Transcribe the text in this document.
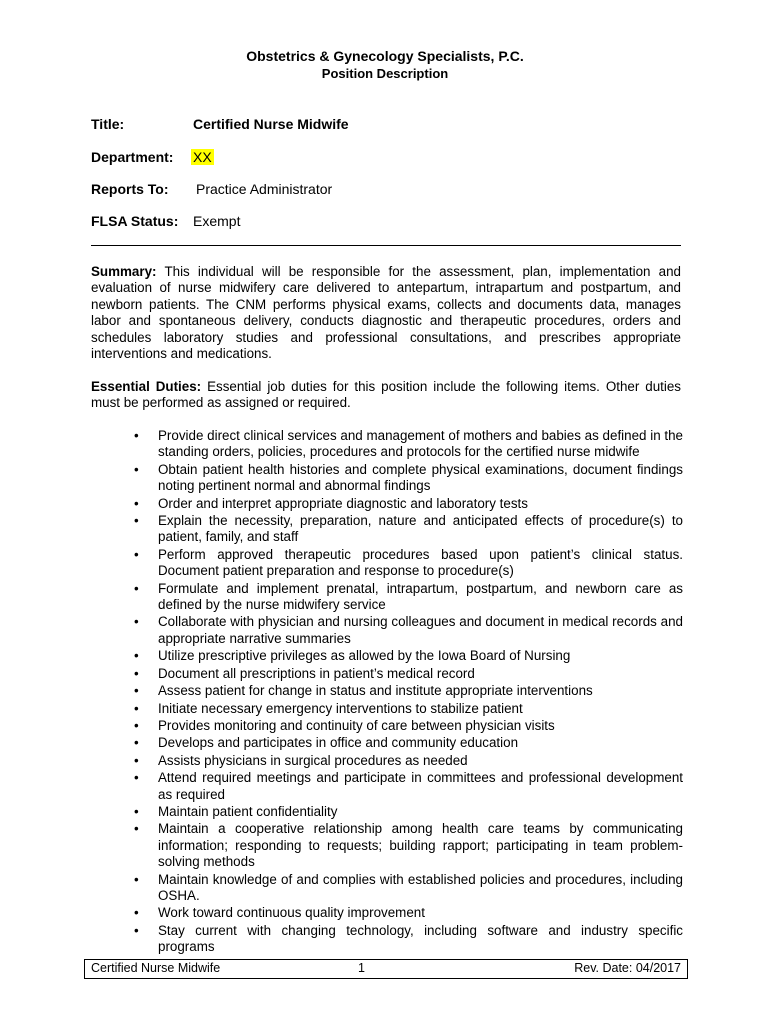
Obstetrics & Gynecology Specialists, P.C.
Position Description
Title:	Certified Nurse Midwife
Department: XX
Reports To: Practice Administrator
FLSA Status: Exempt
Summary: This individual will be responsible for the assessment, plan, implementation and evaluation of nurse midwifery care delivered to antepartum, intrapartum and postpartum, and newborn patients. The CNM performs physical exams, collects and documents data, manages labor and spontaneous delivery, conducts diagnostic and therapeutic procedures, orders and schedules laboratory studies and professional consultations, and prescribes appropriate interventions and medications.
Essential Duties: Essential job duties for this position include the following items. Other duties must be performed as assigned or required.
• Provide direct clinical services and management of mothers and babies as defined in the standing orders, policies, procedures and protocols for the certified nurse midwife
• Obtain patient health histories and complete physical examinations, document findings noting pertinent normal and abnormal findings
• Order and interpret appropriate diagnostic and laboratory tests
• Explain the necessity, preparation, nature and anticipated effects of procedure(s) to patient, family, and staff
• Perform approved therapeutic procedures based upon patient’s clinical status. Document patient preparation and response to procedure(s)
• Formulate and implement prenatal, intrapartum, postpartum, and newborn care as defined by the nurse midwifery service
• Collaborate with physician and nursing colleagues and document in medical records and appropriate narrative summaries
• Utilize prescriptive privileges as allowed by the Iowa Board of Nursing
• Document all prescriptions in patient’s medical record
• Assess patient for change in status and institute appropriate interventions
• Initiate necessary emergency interventions to stabilize patient
• Provides monitoring and continuity of care between physician visits
• Develops and participates in office and community education
• Assists physicians in surgical procedures as needed
• Attend required meetings and participate in committees and professional development as required
• Maintain patient confidentiality
• Maintain a cooperative relationship among health care teams by communicating information; responding to requests; building rapport; participating in team problem-solving methods
• Maintain knowledge of and complies with established policies and procedures, including OSHA.
• Work toward continuous quality improvement
• Stay current with changing technology, including software and industry specific programs
Certified Nurse Midwife	1	Rev. Date: 04/2017
